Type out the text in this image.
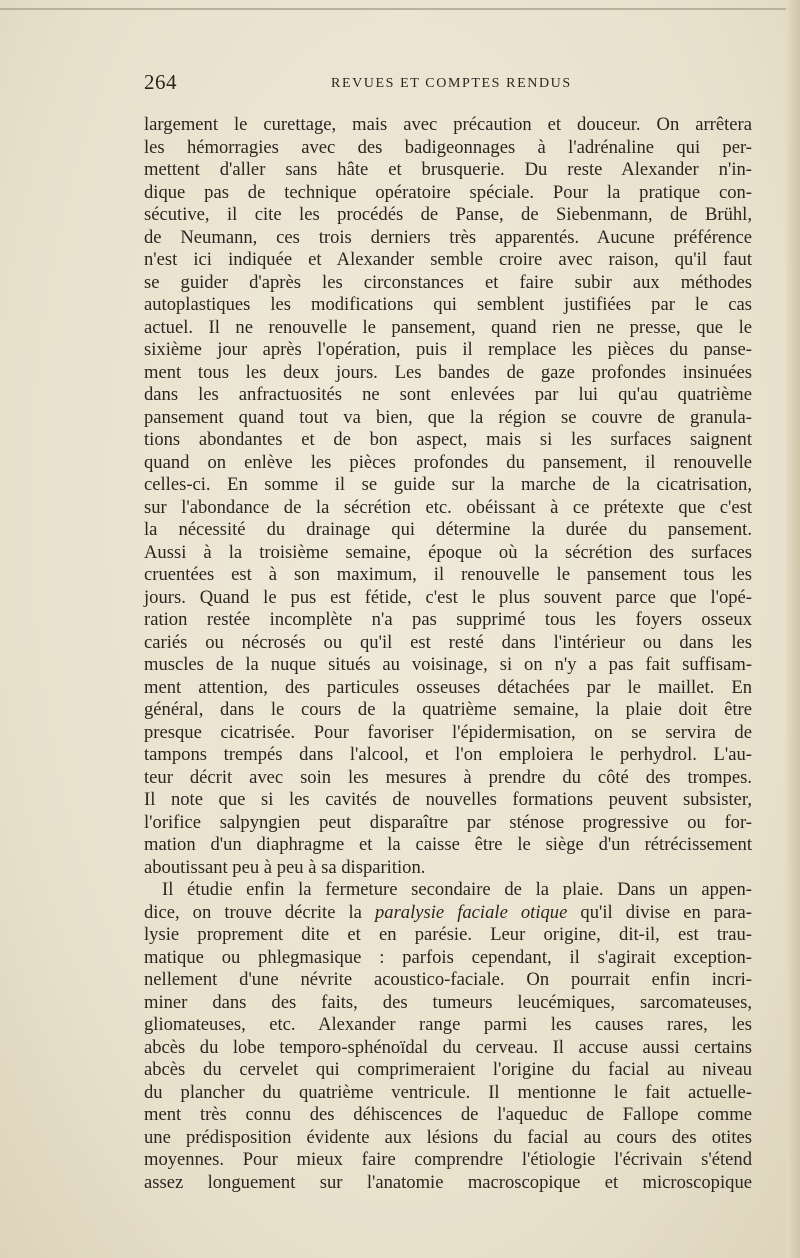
264	REVUES ET COMPTES RENDUS
largement le curettage, mais avec précaution et douceur. On arrêtera
les hémorragies avec des badigeonnages à l'adrénaline qui per-
mettent d'aller sans hâte et brusquerie. Du reste Alexander n'in-
dique pas de technique opératoire spéciale. Pour la pratique con-
sécutive, il cite les procédés de Panse, de Siebenmann, de Brühl,
de Neumann, ces trois derniers très apparentés. Aucune préférence
n'est ici indiquée et Alexander semble croire avec raison, qu'il faut
se guider d'après les circonstances et faire subir aux méthodes
autoplastiques les modifications qui semblent justifiées par le cas
actuel. Il ne renouvelle le pansement, quand rien ne presse, que le
sixième jour après l'opération, puis il remplace les pièces du panse-
ment tous les deux jours. Les bandes de gaze profondes insinuées
dans les anfractuosités ne sont enlevées par lui qu'au quatrième
pansement quand tout va bien, que la région se couvre de granula-
tions abondantes et de bon aspect, mais si les surfaces saignent
quand on enlève les pièces profondes du pansement, il renouvelle
celles-ci. En somme il se guide sur la marche de la cicatrisation,
sur l'abondance de la sécrétion etc. obéissant à ce prétexte que c'est
la nécessité du drainage qui détermine la durée du pansement.
Aussi à la troisième semaine, époque où la sécrétion des surfaces
cruentées est à son maximum, il renouvelle le pansement tous les
jours. Quand le pus est fétide, c'est le plus souvent parce que l'opé-
ration restée incomplète n'a pas supprimé tous les foyers osseux
cariés ou nécrosés ou qu'il est resté dans l'intérieur ou dans les
muscles de la nuque situés au voisinage, si on n'y a pas fait suffisam-
ment attention, des particules osseuses détachées par le maillet. En
général, dans le cours de la quatrième semaine, la plaie doit être
presque cicatrisée. Pour favoriser l'épidermisation, on se servira de
tampons trempés dans l'alcool, et l'on emploiera le perhydrol. L'au-
teur décrit avec soin les mesures à prendre du côté des trompes.
Il note que si les cavités de nouvelles formations peuvent subsister,
l'orifice salpyngien peut disparaître par sténose progressive ou for-
mation d'un diaphragme et la caisse être le siège d'un rétrécissement
aboutissant peu à peu à sa disparition.
Il étudie enfin la fermeture secondaire de la plaie. Dans un appen-
dice, on trouve décrite la paralysie faciale otique qu'il divise en para-
lysie proprement dite et en parésie. Leur origine, dit-il, est trau-
matique ou phlegmasique : parfois cependant, il s'agirait exception-
nellement d'une névrite acoustico-faciale. On pourrait enfin incri-
miner dans des faits, des tumeurs leucémiques, sarcomateuses,
gliomateuses, etc. Alexander range parmi les causes rares, les
abcès du lobe temporo-sphénoïdal du cerveau. Il accuse aussi certains
abcès du cervelet qui comprimeraient l'origine du facial au niveau
du plancher du quatrième ventricule. Il mentionne le fait actuelle-
ment très connu des déhiscences de l'aqueduc de Fallope comme
une prédisposition évidente aux lésions du facial au cours des otites
moyennes. Pour mieux faire comprendre l'étiologie l'écrivain s'étend
assez longuement sur l'anatomie macroscopique et microscopique
